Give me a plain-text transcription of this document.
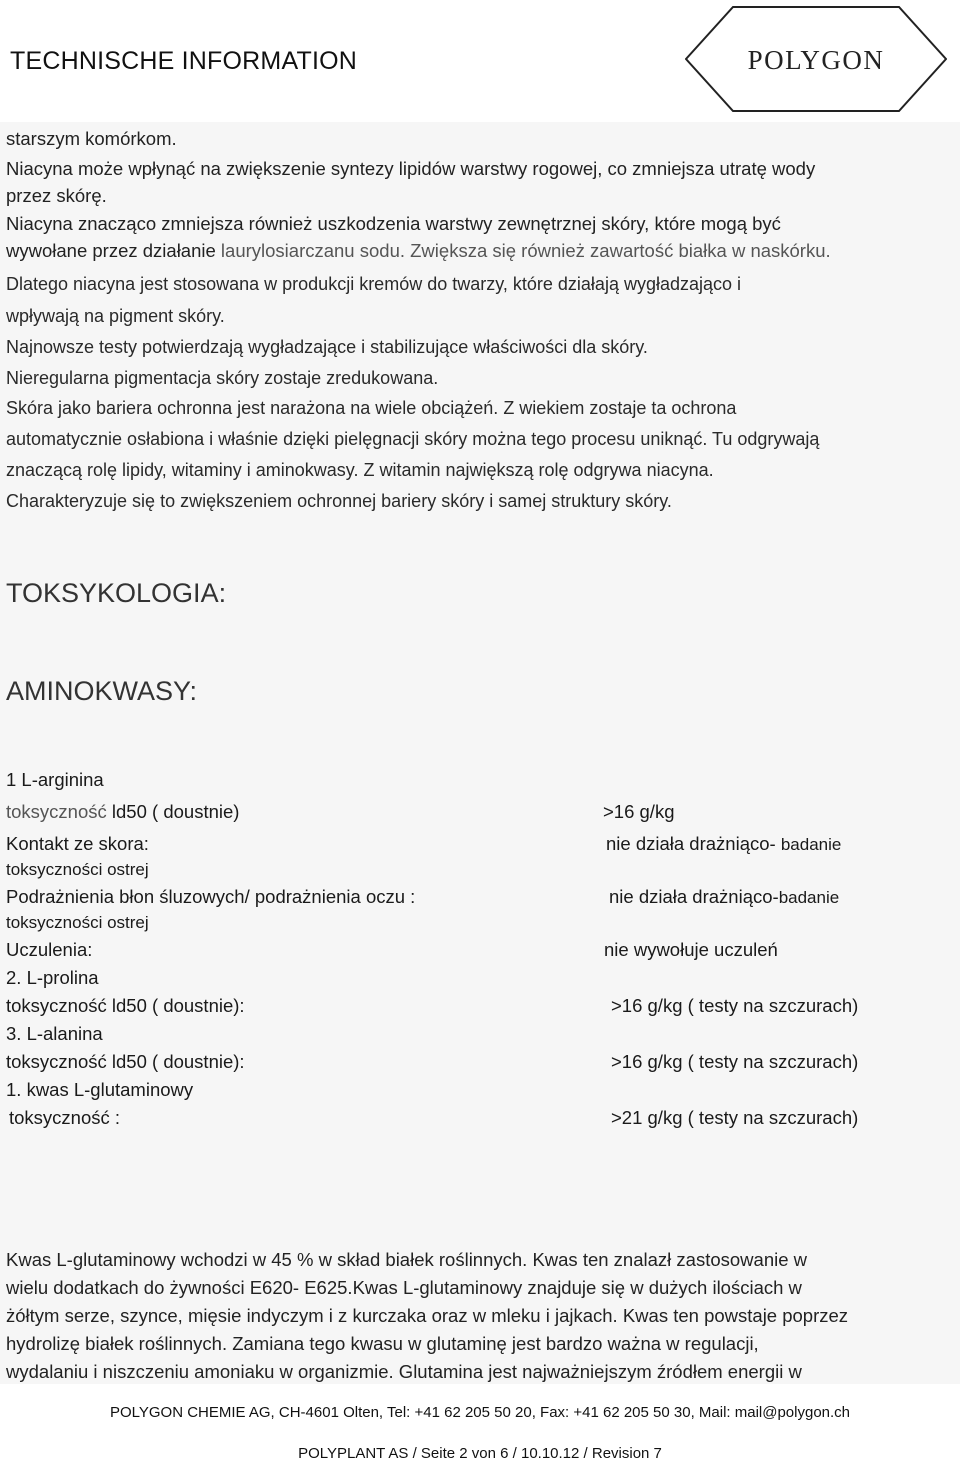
TECHNISCHE INFORMATION	POLYGON
starszym komórkom.
Niacyna może wpłynąć na zwiększenie syntezy lipidów warstwy rogowej, co zmniejsza utratę wody
przez skórę.
Niacyna znacząco zmniejsza również uszkodzenia warstwy zewnętrznej skóry, które mogą być
wywołane przez działanie laurylosiarczanu sodu. Zwiększa się również zawartość białka w naskórku.
Dlatego niacyna jest stosowana w produkcji kremów do twarzy, które działają wygładzająco i
wpływają na pigment skóry.
Najnowsze testy potwierdzają wygładzające i stabilizujące właściwości dla skóry.
Nieregularna pigmentacja skóry zostaje zredukowana.
Skóra jako bariera ochronna jest narażona na wiele obciążeń. Z wiekiem zostaje ta ochrona
automatycznie osłabiona i właśnie dzięki pielęgnacji skóry można tego procesu uniknąć. Tu odgrywają
znaczącą rolę lipidy, witaminy i aminokwasy. Z witamin największą rolę odgrywa niacyna.
Charakteryzuje się to zwiększeniem ochronnej bariery skóry i samej struktury skóry.
TOKSYKOLOGIA:
AMINOKWASY:
1 L-arginina
toksyczność ld50 ( doustnie)	>16 g/kg
Kontakt ze skora:	nie działa drażniąco- badanie
toksyczności ostrej
Podrażnienia błon śluzowych/ podrażnienia oczu :	nie działa drażniąco-badanie
toksyczności ostrej
Uczulenia:	nie wywołuje uczuleń
2. L-prolina
toksyczność ld50 ( doustnie):	>16 g/kg ( testy na szczurach)
3. L-alanina
toksyczność ld50 ( doustnie):	>16 g/kg ( testy na szczurach)
1. kwas L-glutaminowy
toksyczność :	>21 g/kg ( testy na szczurach)
Kwas L-glutaminowy wchodzi w 45 % w skład białek roślinnych. Kwas ten znalazł zastosowanie w
wielu dodatkach do żywności E620- E625.Kwas L-glutaminowy znajduje się w dużych ilościach w
żółtym serze, szynce, mięsie indyczym i z kurczaka oraz w mleku i jajkach. Kwas ten powstaje poprzez
hydrolizę białek roślinnych. Zamiana tego kwasu w glutaminę jest bardzo ważna w regulacji,
wydalaniu i niszczeniu amoniaku w organizmie. Glutamina jest najważniejszym źródłem energii w
POLYGON CHEMIE AG, CH-4601 Olten, Tel: +41 62 205 50 20, Fax: +41 62 205 50 30, Mail: mail@polygon.ch
POLYPLANT AS / Seite 2 von 6 / 10.10.12 / Revision 7
